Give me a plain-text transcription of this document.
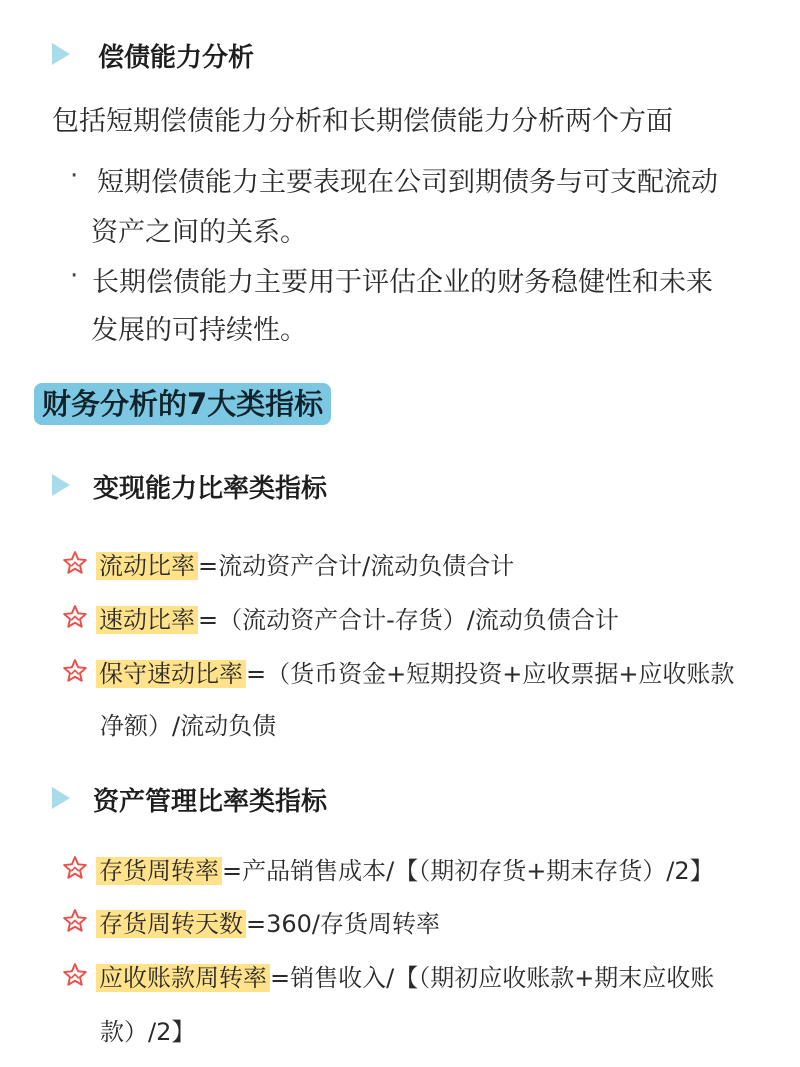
偿债能力分析
包括短期偿债能力分析和长期偿债能力分析两个方面
· 短期偿债能力主要表现在公司到期债务与可支配流动
资产之间的关系。
· 长期偿债能力主要用于评估企业的财务稳健性和未来
发展的可持续性。
财务分析的7大类指标
变现能力比率类指标
流动比率 =流动资产合计/流动负债合计
速动比率 =（流动资产合计-存货）/流动负债合计
保守速动比率 =（货币资金+短期投资+应收票据+应收账款
净额）/流动负债
资产管理比率类指标
存货周转率 =产品销售成本/【（期初存货+期末存货）/2】
存货周转天数 =360/存货周转率
应收账款周转率 =销售收入/【（期初应收账款+期末应收账
款）/2】
